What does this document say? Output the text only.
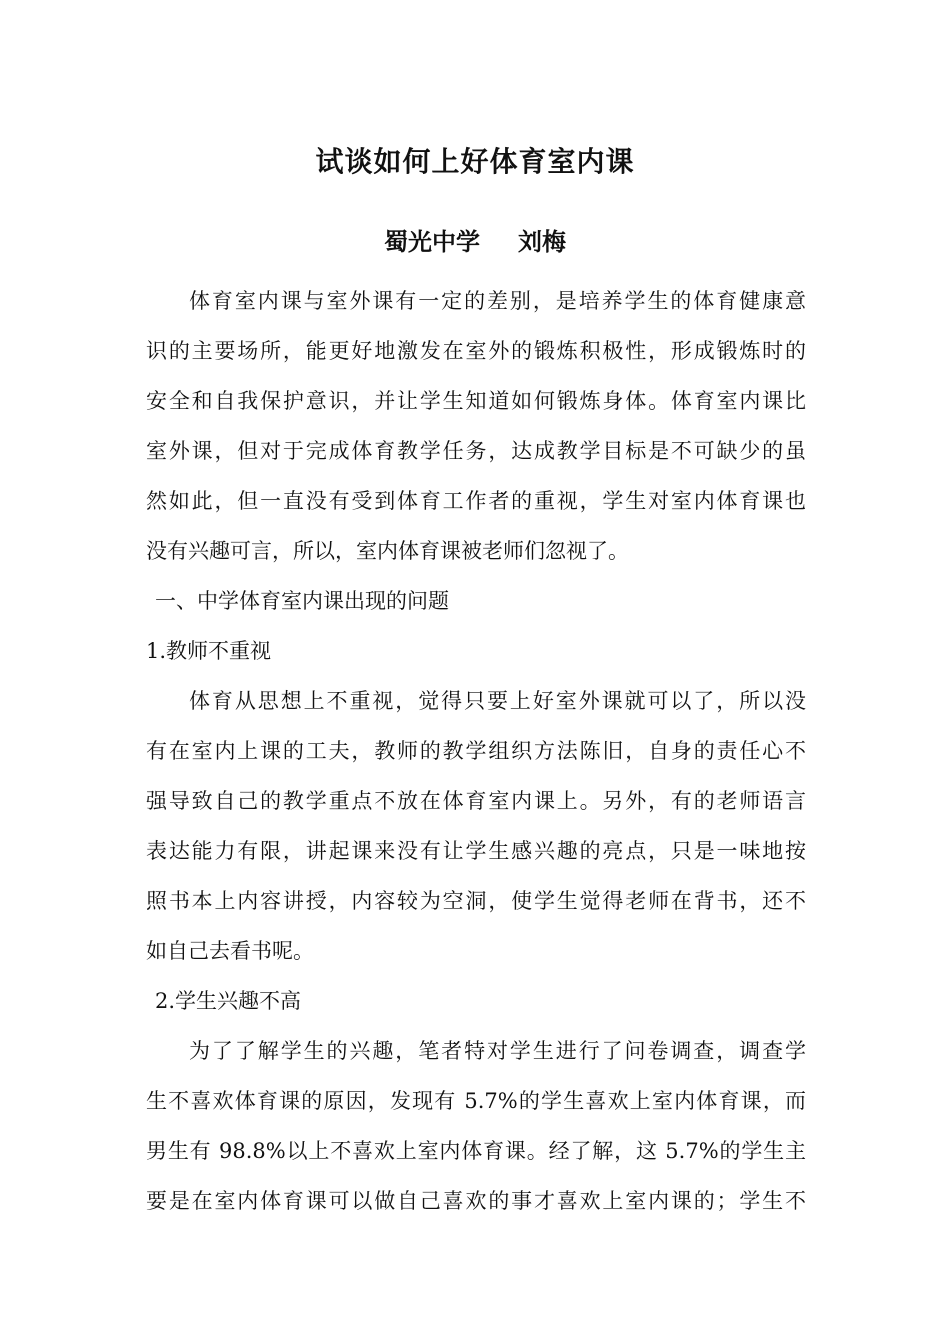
试谈如何上好体育室内课
蜀光中学 刘梅
体育室内课与室外课有一定的差别，是培养学生的体育健康意
识的主要场所，能更好地激发在室外的锻炼积极性，形成锻炼时的
安全和自我保护意识，并让学生知道如何锻炼身体。体育室内课比
室外课，但对于完成体育教学任务，达成教学目标是不可缺少的虽
然如此，但一直没有受到体育工作者的重视，学生对室内体育课也
没有兴趣可言，所以，室内体育课被老师们忽视了。
一、中学体育室内课出现的问题
1.教师不重视
体育从思想上不重视，觉得只要上好室外课就可以了，所以没
有在室内上课的工夫，教师的教学组织方法陈旧，自身的责任心不
强导致自己的教学重点不放在体育室内课上。另外，有的老师语言
表达能力有限，讲起课来没有让学生感兴趣的亮点，只是一味地按
照书本上内容讲授，内容较为空洞，使学生觉得老师在背书，还不
如自己去看书呢。
2.学生兴趣不高
为了了解学生的兴趣，笔者特对学生进行了问卷调查，调查学
生不喜欢体育课的原因，发现有 5.7%的学生喜欢上室内体育课，而
男生有 98.8%以上不喜欢上室内体育课。经了解，这 5.7%的学生主
要是在室内体育课可以做自己喜欢的事才喜欢上室内课的；学生不
